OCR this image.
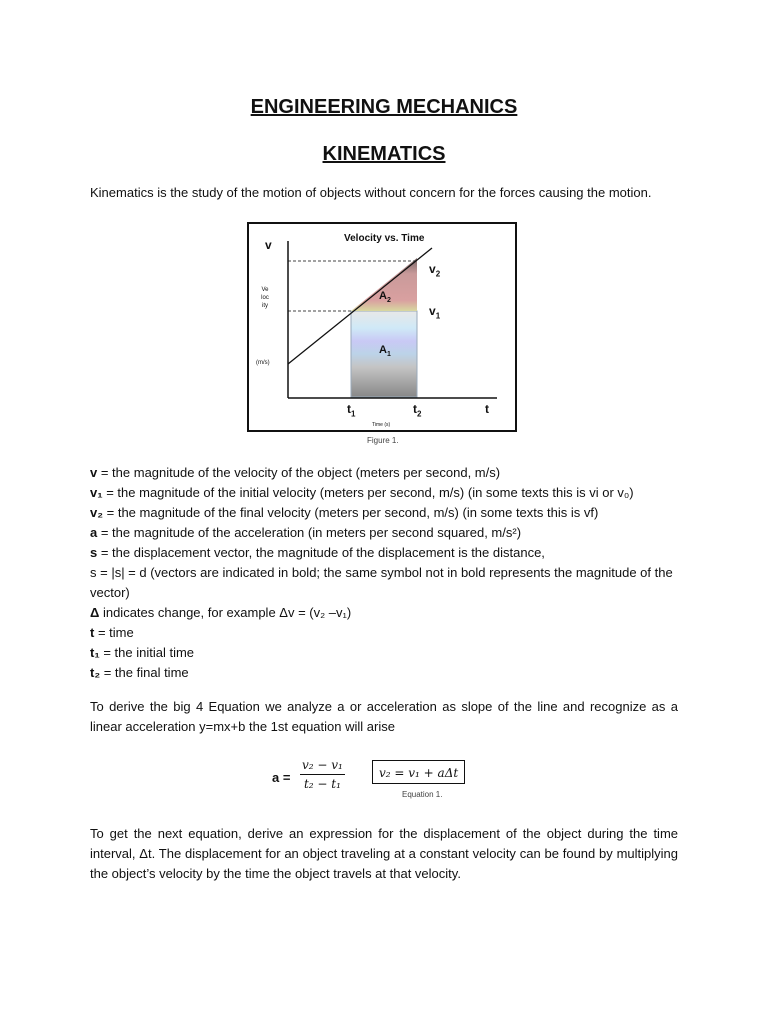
ENGINEERING MECHANICS
KINEMATICS
Kinematics is the study of the motion of objects without concern for the forces causing the motion.
Velocity vs. Time
v
Velocity
(m/s)
$v_2$
$v_1$
$A_2$
$A_1$
$t_1$	$t_2$	t
Time (s)
Figure 1.
v = the magnitude of the velocity of the object (meters per second, m/s)
v₁ = the magnitude of the initial velocity (meters per second, m/s) (in some texts this is vi or v₀)
v₂ = the magnitude of the final velocity (meters per second, m/s) (in some texts this is vf)
a = the magnitude of the acceleration (in meters per second squared, m/s²)
s = the displacement vector, the magnitude of the displacement is the distance,
s = |s| = d (vectors are indicated in bold; the same symbol not in bold represents the magnitude of the
vector)
Δ indicates change, for example Δv = (v₂ –v₁)
t = time
t₁ = the initial time
t₂ = the final time
To derive the big 4 Equation we analyze a or acceleration as slope of the line and recognize as a linear acceleration y=mx+b the 1st equation will arise
$a = \frac{\text{v₂ − v₁}}{\text{t₂ − t₁}}$	v₂ = v₁ + aΔt
Equation 1.
To get the next equation, derive an expression for the displacement of the object during the time interval, Δt. The displacement for an object traveling at a constant velocity can be found by multiplying the object’s velocity by the time the object travels at that velocity.
